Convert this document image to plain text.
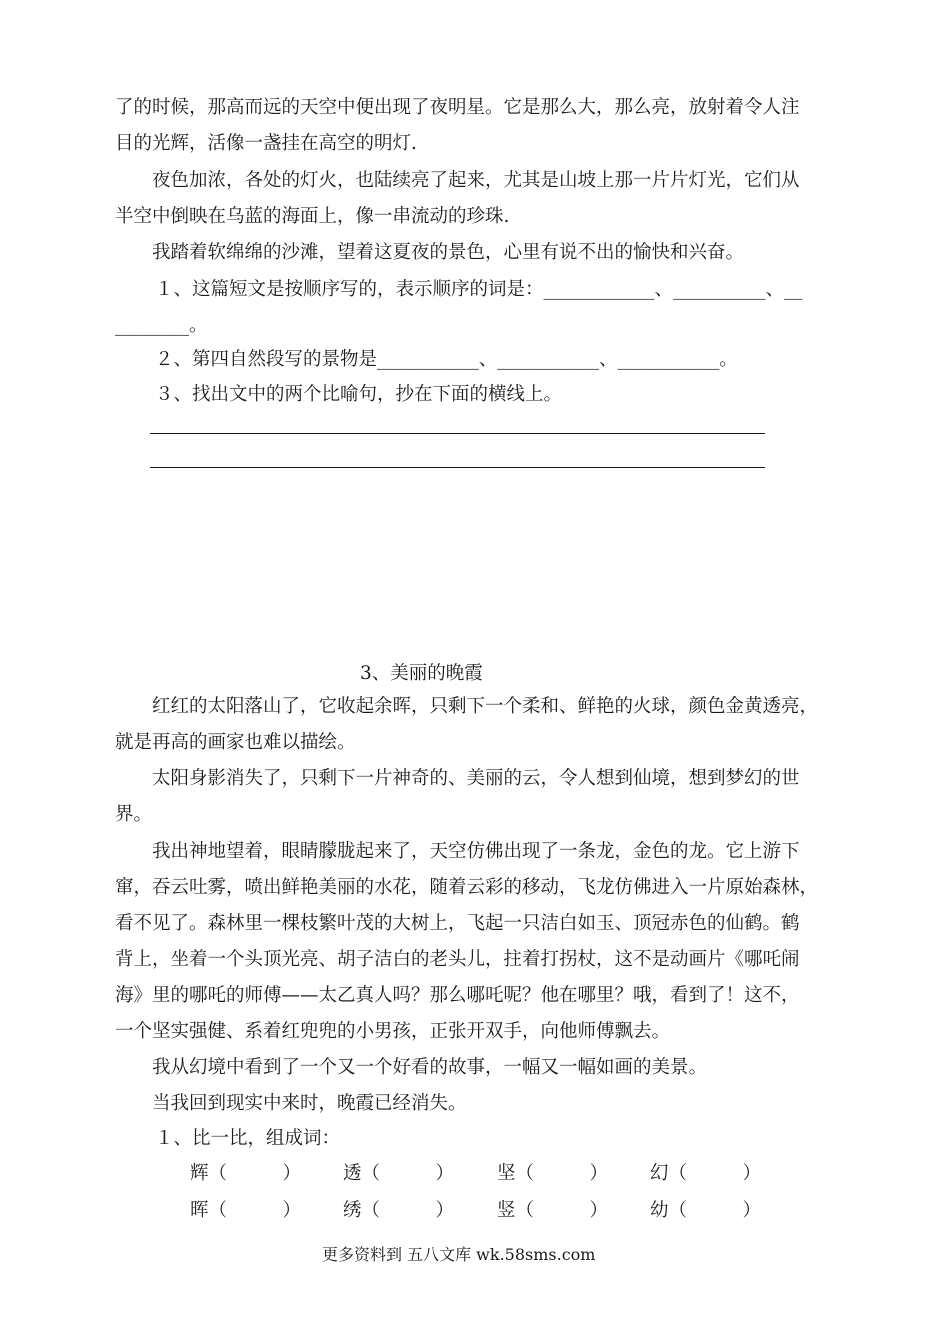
了的时候，那高而远的天空中便出现了夜明星。它是那么大，那么亮，放射着令人注
目的光辉，活像一盏挂在高空的明灯.
夜色加浓，各处的灯火，也陆续亮了起来，尤其是山坡上那一片片灯光，它们从
半空中倒映在乌蓝的海面上，像一串流动的珍珠.
我踏着软绵绵的沙滩，望着这夏夜的景色，心里有说不出的愉快和兴奋。
１、这篇短文是按顺序写的，表示顺序的词是：____________、__________、__
________。
２、第四自然段写的景物是___________、___________、___________。
３、找出文中的两个比喻句，抄在下面的横线上。
3、美丽的晚霞
红红的太阳落山了，它收起余晖，只剩下一个柔和、鲜艳的火球，颜色金黄透亮，
就是再高的画家也难以描绘。
太阳身影消失了，只剩下一片神奇的、美丽的云，令人想到仙境，想到梦幻的世
界。
我出神地望着，眼睛朦胧起来了，天空仿佛出现了一条龙，金色的龙。它上游下
窜，吞云吐雾，喷出鲜艳美丽的水花，随着云彩的移动，飞龙仿佛进入一片原始森林，
看不见了。森林里一棵枝繁叶茂的大树上，飞起一只洁白如玉、顶冠赤色的仙鹤。鹤
背上，坐着一个头顶光亮、胡子洁白的老头儿，拄着打拐杖，这不是动画片《哪吒闹
海》里的哪吒的师傅——太乙真人吗？那么哪吒呢？他在哪里？哦，看到了！这不，
一个坚实强健、系着红兜兜的小男孩，正张开双手，向他师傅飘去。
我从幻境中看到了一个又一个好看的故事，一幅又一幅如画的美景。
当我回到现实中来时，晚霞已经消失。
１、比一比，组成词：
辉（　　　） 透（　　　） 坚（　　　） 幻（　　　）
晖（　　　） 绣（　　　） 竖（　　　） 幼（　　　）
更多资料到 五八文库 wk.58sms.com
